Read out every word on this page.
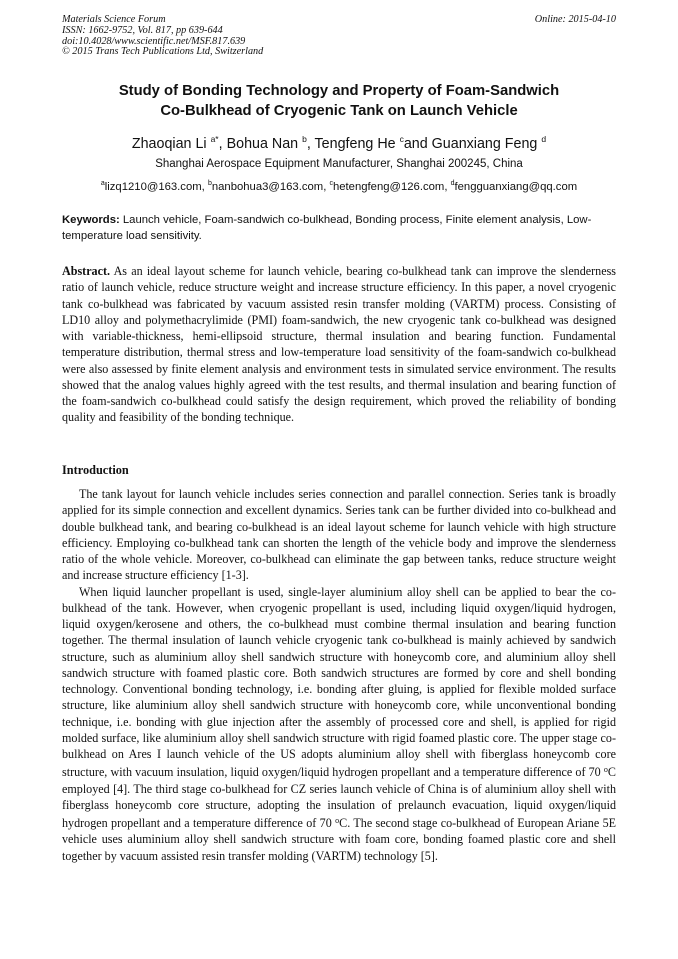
Materials Science Forum
ISSN: 1662-9752, Vol. 817, pp 639-644
doi:10.4028/www.scientific.net/MSF.817.639
© 2015 Trans Tech Publications Ltd, Switzerland
Online: 2015-04-10
Study of Bonding Technology and Property of Foam-Sandwich
Co-Bulkhead of Cryogenic Tank on Launch Vehicle
Zhaoqian Li $^{a*}$, Bohua Nan $^b$, Tengfeng He $^c$and Guanxiang Feng $^d$
Shanghai Aerospace Equipment Manufacturer, Shanghai 200245, China
$^a$lizq1210@163.com, $^b$nanbohua3@163.com, $^c$hetengfeng@126.com, $^d$fengguanxiang@qq.com
Keywords: Launch vehicle, Foam-sandwich co-bulkhead, Bonding process, Finite element analysis, Low-temperature load sensitivity.
Abstract. As an ideal layout scheme for launch vehicle, bearing co-bulkhead tank can improve the slenderness ratio of launch vehicle, reduce structure weight and increase structure efficiency. In this paper, a novel cryogenic tank co-bulkhead was fabricated by vacuum assisted resin transfer molding (VARTM) process. Consisting of LD10 alloy and polymethacrylimide (PMI) foam-sandwich, the new cryogenic tank co-bulkhead was designed with variable-thickness, hemi-ellipsoid structure, thermal insulation and bearing function. Fundamental temperature distribution, thermal stress and low-temperature load sensitivity of the foam-sandwich co-bulkhead were also assessed by finite element analysis and environment tests in simulated service environment. The results showed that the analog values highly agreed with the test results, and thermal insulation and bearing function of the foam-sandwich co-bulkhead could satisfy the design requirement, which proved the reliability of bonding quality and feasibility of the bonding technique.
Introduction

The tank layout for launch vehicle includes series connection and parallel connection. Series tank is broadly applied for its simple connection and excellent dynamics. Series tank can be further divided into co-bulkhead and double bulkhead tank, and bearing co-bulkhead is an ideal layout scheme for launch vehicle with high structure efficiency. Employing co-bulkhead tank can shorten the length of the vehicle body and improve the slenderness ratio of the whole vehicle. Moreover, co-bulkhead can eliminate the gap between tanks, reduce structure weight and increase structure efficiency [1-3].

When liquid launcher propellant is used, single-layer aluminium alloy shell can be applied to bear the co-bulkhead of the tank. However, when cryogenic propellant is used, including liquid oxygen/liquid hydrogen, liquid oxygen/kerosene and others, the co-bulkhead must combine thermal insulation and bearing function together. The thermal insulation of launch vehicle cryogenic tank co-bulkhead is mainly achieved by sandwich structure, such as aluminium alloy shell sandwich structure with honeycomb core, and aluminium alloy shell sandwich structure with foamed plastic core. Both sandwich structures are formed by core and shell bonding technology. Conventional bonding technology, i.e. bonding after gluing, is applied for flexible molded surface structure, like aluminium alloy shell sandwich structure with honeycomb core, while unconventional bonding technique, i.e. bonding with glue injection after the assembly of processed core and shell, is applied for rigid molded surface, like aluminium alloy shell sandwich structure with rigid foamed plastic core. The upper stage co-bulkhead on Ares I launch vehicle of the US adopts aluminium alloy shell with fiberglass honeycomb core structure, with vacuum insulation, liquid oxygen/liquid hydrogen propellant and a temperature difference of 70 $^o$C employed [4]. The third stage co-bulkhead for CZ series launch vehicle of China is of aluminium alloy shell with fiberglass honeycomb core structure, adopting the insulation of prelaunch evacuation, liquid oxygen/liquid hydrogen propellant and a temperature difference of 70 $^o$C. The second stage co-bulkhead of European Ariane 5E vehicle uses aluminium alloy shell sandwich structure with foam core, bonding foamed plastic core and shell together by vacuum assisted resin transfer molding (VARTM) technology [5].
